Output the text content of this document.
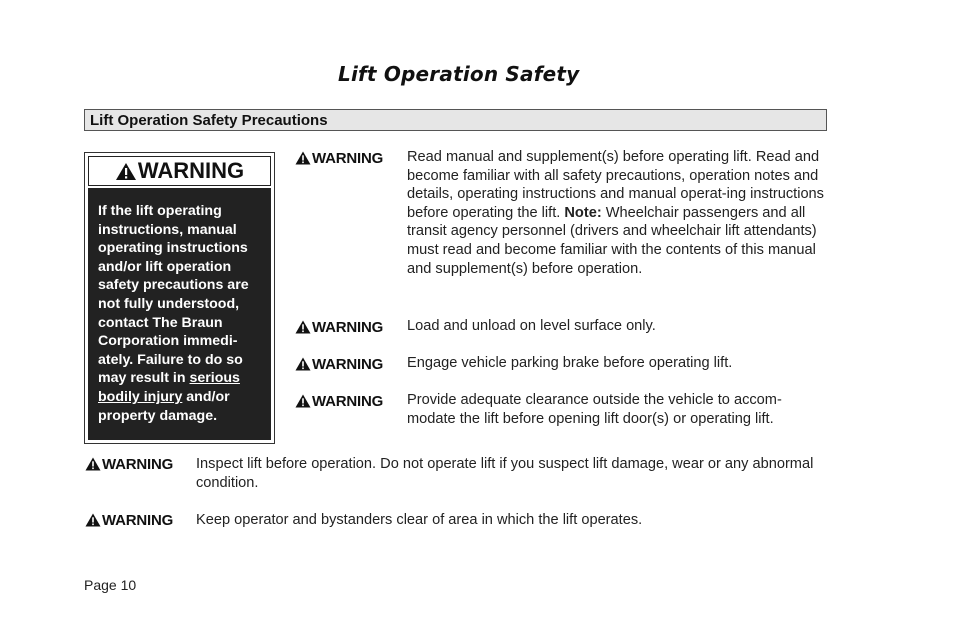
Lift Operation Safety
Lift Operation Safety Precautions
WARNING
If the lift operating instructions, manual operating instructions and/or lift operation safety precautions are not fully understood, contact The Braun Corporation immedi-ately. Failure to do so may result in serious bodily injury and/or property damage.
WARNING Read manual and supplement(s) before operating lift. Read and become familiar with all safety precautions, operation notes and details, operating instructions and manual operat-ing instructions before operating the lift. Note: Wheelchair passengers and all transit agency personnel (drivers and wheelchair lift attendants) must read and become familiar with the contents of this manual and supplement(s) before operation.
WARNING Load and unload on level surface only.
WARNING Engage vehicle parking brake before operating lift.
WARNING Provide adequate clearance outside the vehicle to accom-modate the lift before opening lift door(s) or operating lift.
WARNING Inspect lift before operation. Do not operate lift if you suspect lift damage, wear or any abnormal condition.
WARNING Keep operator and bystanders clear of area in which the lift operates.
Page 10
